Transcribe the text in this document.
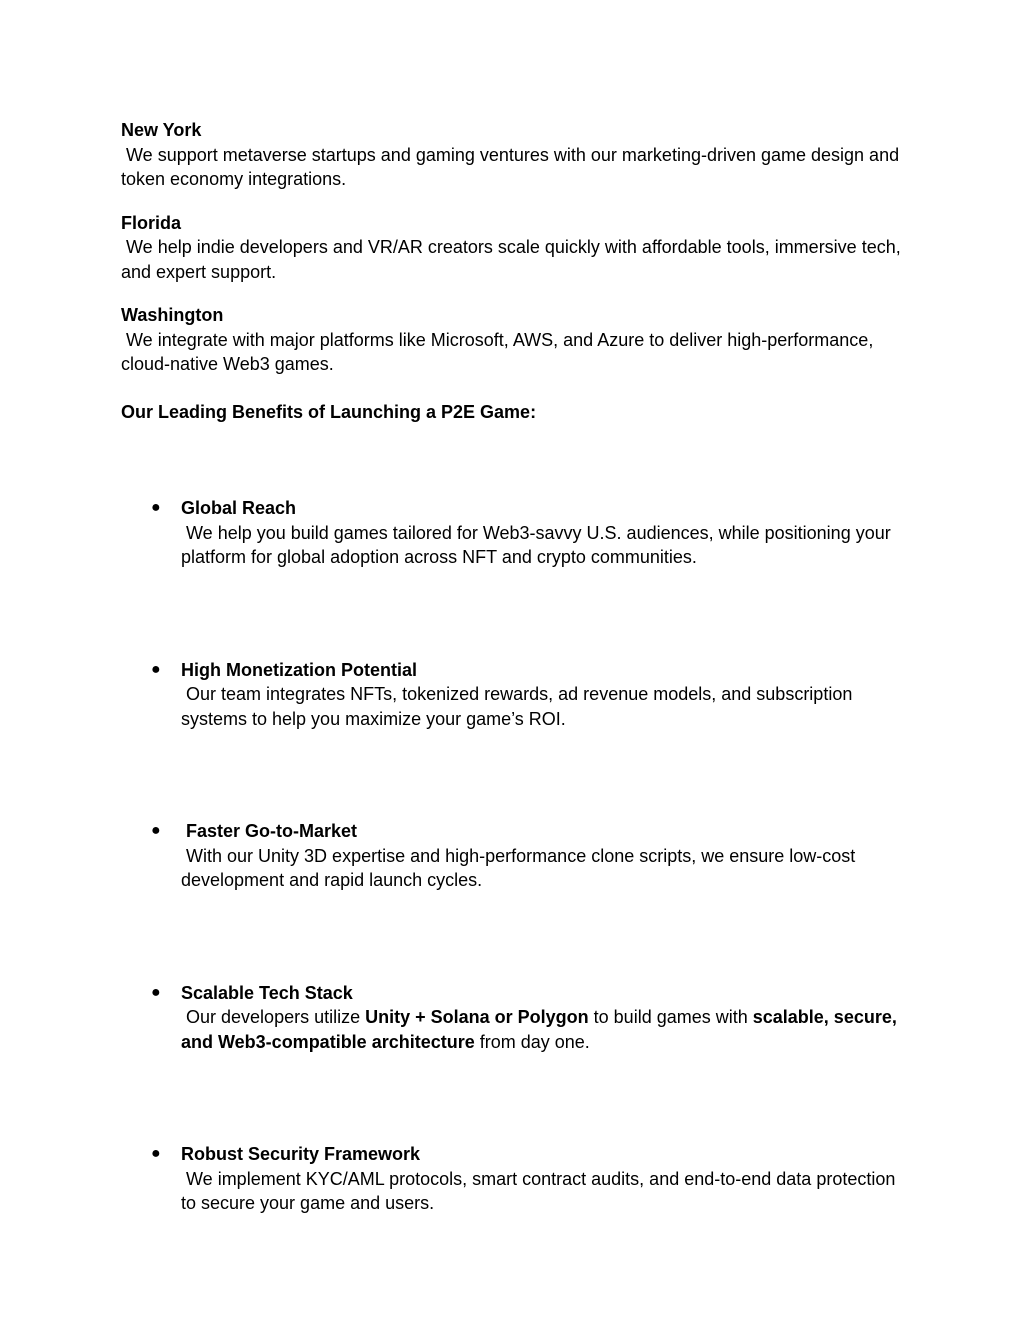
New York
We support metaverse startups and gaming ventures with our marketing-driven game design and token economy integrations.
Florida
We help indie developers and VR/AR creators scale quickly with affordable tools, immersive tech, and expert support.
Washington
We integrate with major platforms like Microsoft, AWS, and Azure to deliver high-performance, cloud-native Web3 games.
Our Leading Benefits of Launching a P2E Game:
● Global Reach
We help you build games tailored for Web3-savvy U.S. audiences, while positioning your platform for global adoption across NFT and crypto communities.
● High Monetization Potential
Our team integrates NFTs, tokenized rewards, ad revenue models, and subscription systems to help you maximize your game’s ROI.
● Faster Go-to-Market
With our Unity 3D expertise and high-performance clone scripts, we ensure low-cost development and rapid launch cycles.
● Scalable Tech Stack
Our developers utilize Unity + Solana or Polygon to build games with scalable, secure, and Web3-compatible architecture from day one.
● Robust Security Framework
We implement KYC/AML protocols, smart contract audits, and end-to-end data protection to secure your game and users.
